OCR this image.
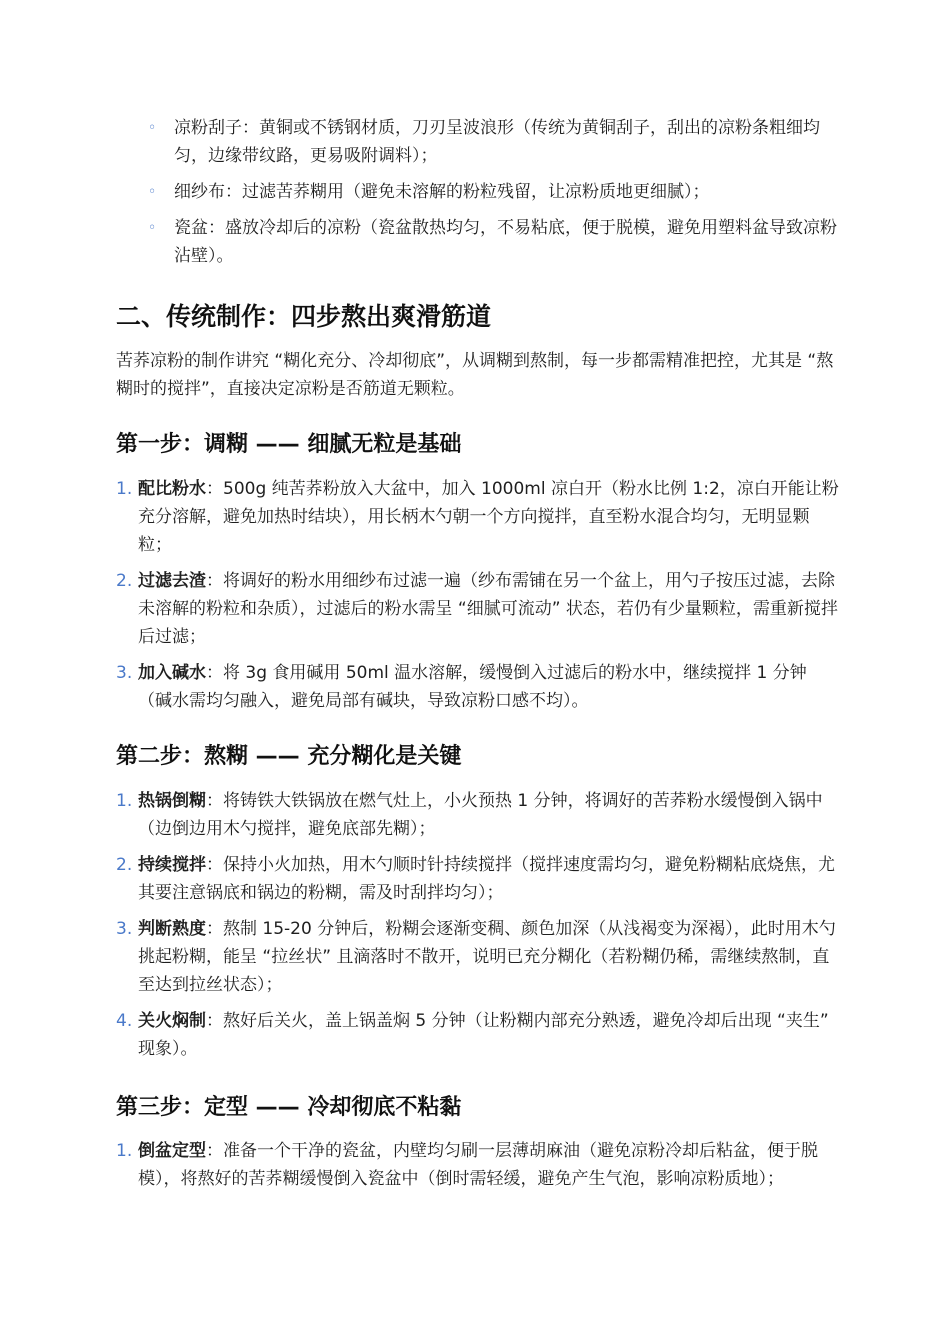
◦ 凉粉刮子：黄铜或不锈钢材质，刀刃呈波浪形（传统为黄铜刮子，刮出的凉粉条粗细均匀，边缘带纹路，更易吸附调料）；
◦ 细纱布：过滤苦荞糊用（避免未溶解的粉粒残留，让凉粉质地更细腻）；
◦ 瓷盆：盛放冷却后的凉粉（瓷盆散热均匀，不易粘底，便于脱模，避免用塑料盆导致凉粉沾壁）。
二、传统制作：四步熬出爽滑筋道

苦荞凉粉的制作讲究 “糊化充分、冷却彻底”，从调糊到熬制，每一步都需精准把控，尤其是 “熬糊时的搅拌”，直接决定凉粉是否筋道无颗粒。

第一步：调糊 —— 细腻无粒是基础
1. 配比粉水：500g 纯苦荞粉放入大盆中，加入 1000ml 凉白开（粉水比例 1:2，凉白开能让粉充分溶解，避免加热时结块），用长柄木勺朝一个方向搅拌，直至粉水混合均匀，无明显颗粒；
2. 过滤去渣：将调好的粉水用细纱布过滤一遍（纱布需铺在另一个盆上，用勺子按压过滤，去除未溶解的粉粒和杂质），过滤后的粉水需呈 “细腻可流动” 状态，若仍有少量颗粒，需重新搅拌后过滤；
3. 加入碱水：将 3g 食用碱用 50ml 温水溶解，缓慢倒入过滤后的粉水中，继续搅拌 1 分钟（碱水需均匀融入，避免局部有碱块，导致凉粉口感不均）。
第二步：熬糊 —— 充分糊化是关键
1. 热锅倒糊：将铸铁大铁锅放在燃气灶上，小火预热 1 分钟，将调好的苦荞粉水缓慢倒入锅中（边倒边用木勺搅拌，避免底部先糊）；
2. 持续搅拌：保持小火加热，用木勺顺时针持续搅拌（搅拌速度需均匀，避免粉糊粘底烧焦，尤其要注意锅底和锅边的粉糊，需及时刮拌均匀）；
3. 判断熟度：熬制 15-20 分钟后，粉糊会逐渐变稠、颜色加深（从浅褐变为深褐），此时用木勺挑起粉糊，能呈 “拉丝状” 且滴落时不散开，说明已充分糊化（若粉糊仍稀，需继续熬制，直至达到拉丝状态）；
4. 关火焖制：熬好后关火，盖上锅盖焖 5 分钟（让粉糊内部充分熟透，避免冷却后出现 “夹生” 现象）。
第三步：定型 —— 冷却彻底不粘黏
1. 倒盆定型：准备一个干净的瓷盆，内壁均匀刷一层薄胡麻油（避免凉粉冷却后粘盆，便于脱模），将熬好的苦荞糊缓慢倒入瓷盆中（倒时需轻缓，避免产生气泡，影响凉粉质地）；
